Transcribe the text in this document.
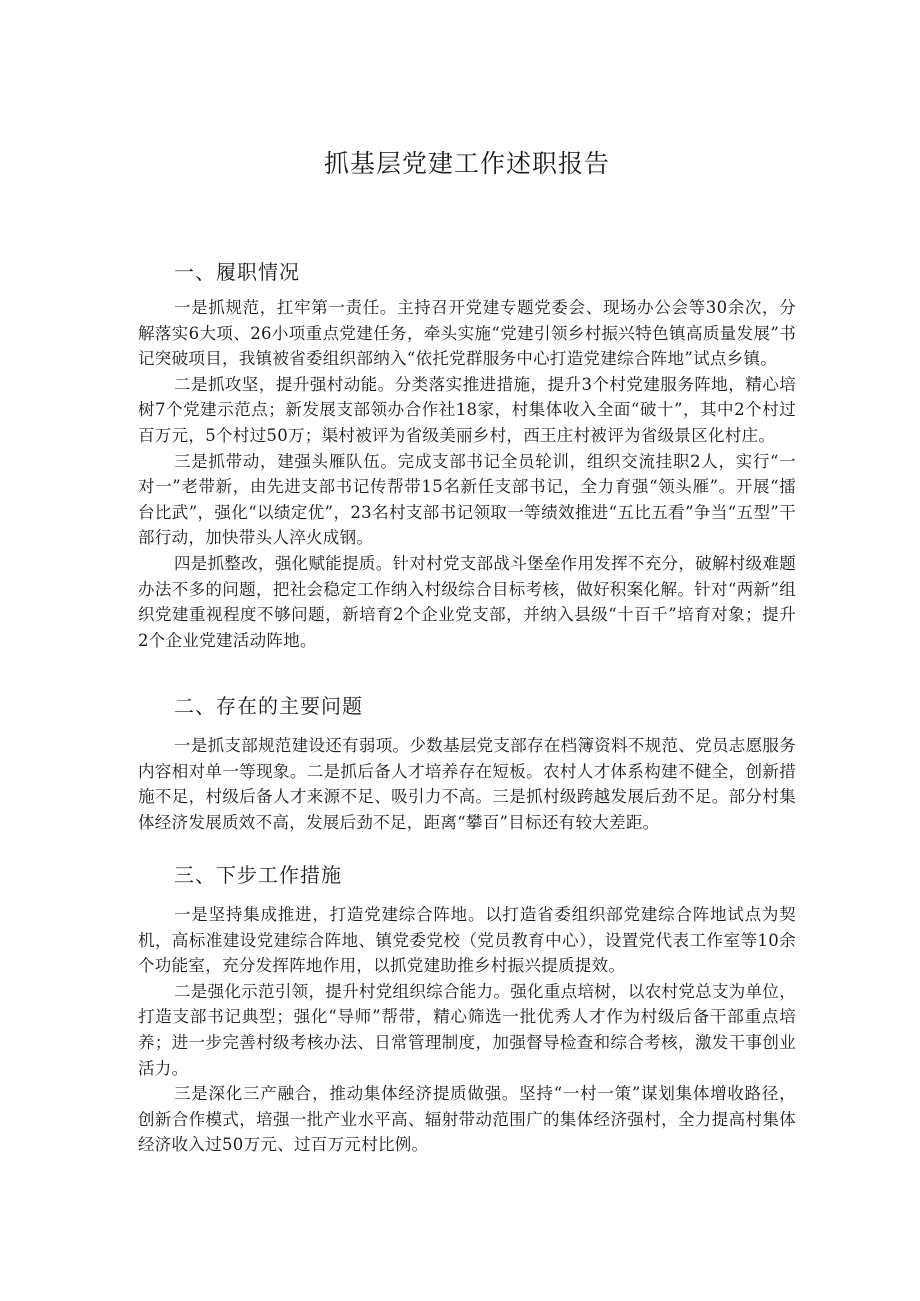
抓基层党建工作述职报告
一、履职情况

一是抓规范，扛牢第一责任。主持召开党建专题党委会、现场办公会等30余次，分解落实6大项、26小项重点党建任务，牵头实施“党建引领乡村振兴特色镇高质量发展”书记突破项目，我镇被省委组织部纳入“依托党群服务中心打造党建综合阵地”试点乡镇。

二是抓攻坚，提升强村动能。分类落实推进措施，提升3个村党建服务阵地，精心培树7个党建示范点；新发展支部领办合作社18家，村集体收入全面“破十”，其中2个村过百万元，5个村过50万；渠村被评为省级美丽乡村，西王庄村被评为省级景区化村庄。

三是抓带动，建强头雁队伍。完成支部书记全员轮训，组织交流挂职2人，实行“一对一”老带新，由先进支部书记传帮带15名新任支部书记，全力育强“领头雁”。开展“擂台比武”，强化“以绩定优”，23名村支部书记领取一等绩效推进“五比五看”争当“五型”干部行动，加快带头人淬火成钢。

四是抓整改，强化赋能提质。针对村党支部战斗堡垒作用发挥不充分，破解村级难题办法不多的问题，把社会稳定工作纳入村级综合目标考核，做好积案化解。针对“两新”组织党建重视程度不够问题，新培育2个企业党支部，并纳入县级“十百千”培育对象；提升2个企业党建活动阵地。

二、存在的主要问题

一是抓支部规范建设还有弱项。少数基层党支部存在档簿资料不规范、党员志愿服务内容相对单一等现象。二是抓后备人才培养存在短板。农村人才体系构建不健全，创新措施不足，村级后备人才来源不足、吸引力不高。三是抓村级跨越发展后劲不足。部分村集体经济发展质效不高，发展后劲不足，距离“攀百”目标还有较大差距。

三、下步工作措施

一是坚持集成推进，打造党建综合阵地。以打造省委组织部党建综合阵地试点为契机，高标准建设党建综合阵地、镇党委党校（党员教育中心），设置党代表工作室等10余个功能室，充分发挥阵地作用，以抓党建助推乡村振兴提质提效。

二是强化示范引领，提升村党组织综合能力。强化重点培树，以农村党总支为单位，打造支部书记典型；强化“导师”帮带，精心筛选一批优秀人才作为村级后备干部重点培养；进一步完善村级考核办法、日常管理制度，加强督导检查和综合考核，激发干事创业活力。

三是深化三产融合，推动集体经济提质做强。坚持“一村一策”谋划集体增收路径，创新合作模式，培强一批产业水平高、辐射带动范围广的集体经济强村，全力提高村集体经济收入过50万元、过百万元村比例。
